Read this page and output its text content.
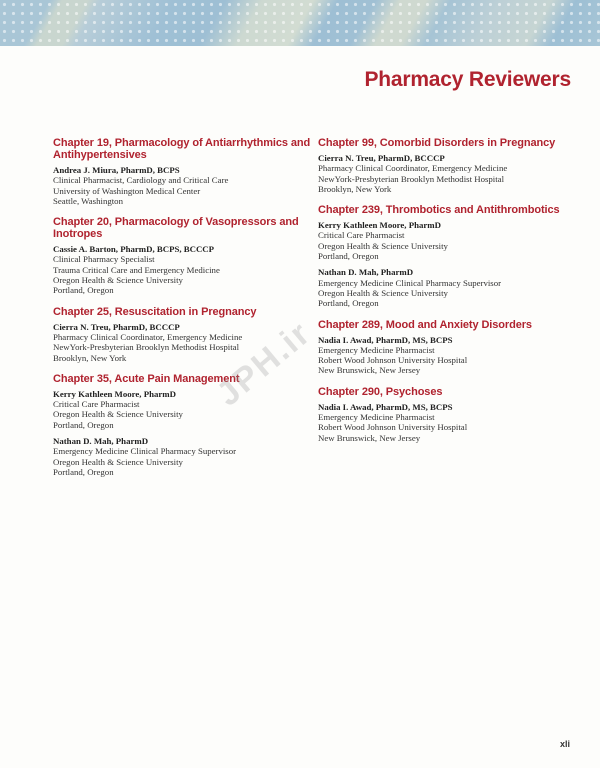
Pharmacy Reviewers
Chapter 19, Pharmacology of Antiarrhythmics and Antihypertensives
Andrea J. Miura, PharmD, BCPS
Clinical Pharmacist, Cardiology and Critical Care
University of Washington Medical Center
Seattle, Washington
Chapter 20, Pharmacology of Vasopressors and Inotropes
Cassie A. Barton, PharmD, BCPS, BCCCP
Clinical Pharmacy Specialist
Trauma Critical Care and Emergency Medicine
Oregon Health & Science University
Portland, Oregon
Chapter 25, Resuscitation in Pregnancy
Cierra N. Treu, PharmD, BCCCP
Pharmacy Clinical Coordinator, Emergency Medicine
NewYork-Presbyterian Brooklyn Methodist Hospital
Brooklyn, New York
Chapter 35, Acute Pain Management
Kerry Kathleen Moore, PharmD
Critical Care Pharmacist
Oregon Health & Science University
Portland, Oregon
Nathan D. Mah, PharmD
Emergency Medicine Clinical Pharmacy Supervisor
Oregon Health & Science University
Portland, Oregon
Chapter 99, Comorbid Disorders in Pregnancy
Cierra N. Treu, PharmD, BCCCP
Pharmacy Clinical Coordinator, Emergency Medicine
NewYork-Presbyterian Brooklyn Methodist Hospital
Brooklyn, New York
Chapter 239, Thrombotics and Antithrombotics
Kerry Kathleen Moore, PharmD
Critical Care Pharmacist
Oregon Health & Science University
Portland, Oregon
Nathan D. Mah, PharmD
Emergency Medicine Clinical Pharmacy Supervisor
Oregon Health & Science University
Portland, Oregon
Chapter 289, Mood and Anxiety Disorders
Nadia I. Awad, PharmD, MS, BCPS
Emergency Medicine Pharmacist
Robert Wood Johnson University Hospital
New Brunswick, New Jersey
Chapter 290, Psychoses
Nadia I. Awad, PharmD, MS, BCPS
Emergency Medicine Pharmacist
Robert Wood Johnson University Hospital
New Brunswick, New Jersey
JPH.ir
xli
